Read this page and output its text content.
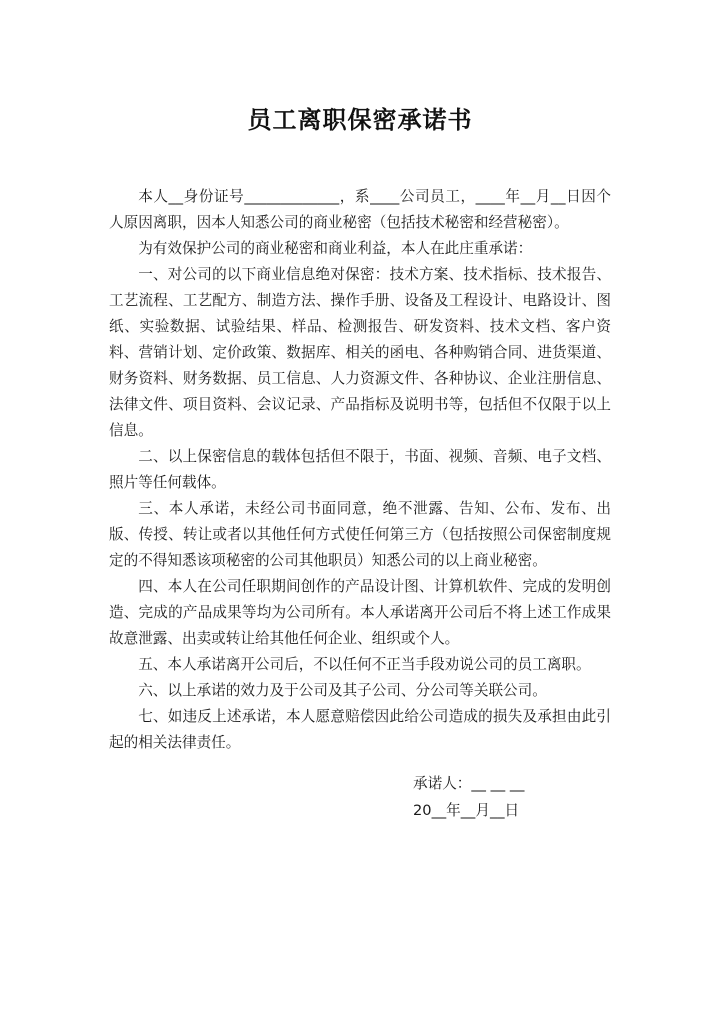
员工离职保密承诺书

本人__身份证号_____________，系____公司员工，____年__月__日因个人原因离职，因本人知悉公司的商业秘密（包括技术秘密和经营秘密）。

为有效保护公司的商业秘密和商业利益，本人在此庄重承诺：

一、对公司的以下商业信息绝对保密：技术方案、技术指标、技术报告、工艺流程、工艺配方、制造方法、操作手册、设备及工程设计、电路设计、图纸、实验数据、试验结果、样品、检测报告、研发资料、技术文档、客户资料、营销计划、定价政策、数据库、相关的函电、各种购销合同、进货渠道、财务资料、财务数据、员工信息、人力资源文件、各种协议、企业注册信息、法律文件、项目资料、会议记录、产品指标及说明书等，包括但不仅限于以上信息。

二、以上保密信息的载体包括但不限于，书面、视频、音频、电子文档、照片等任何载体。

三、本人承诺，未经公司书面同意，绝不泄露、告知、公布、发布、出版、传授、转让或者以其他任何方式使任何第三方（包括按照公司保密制度规定的不得知悉该项秘密的公司其他职员）知悉公司的以上商业秘密。

四、本人在公司任职期间创作的产品设计图、计算机软件、完成的发明创造、完成的产品成果等均为公司所有。本人承诺离开公司后不将上述工作成果故意泄露、出卖或转让给其他任何企业、组织或个人。

五、本人承诺离开公司后，不以任何不正当手段劝说公司的员工离职。

六、以上承诺的效力及于公司及其子公司、分公司等关联公司。

七、如违反上述承诺，本人愿意赔偿因此给公司造成的损失及承担由此引起的相关法律责任。

承诺人：__ __ __
20__年__月__日
